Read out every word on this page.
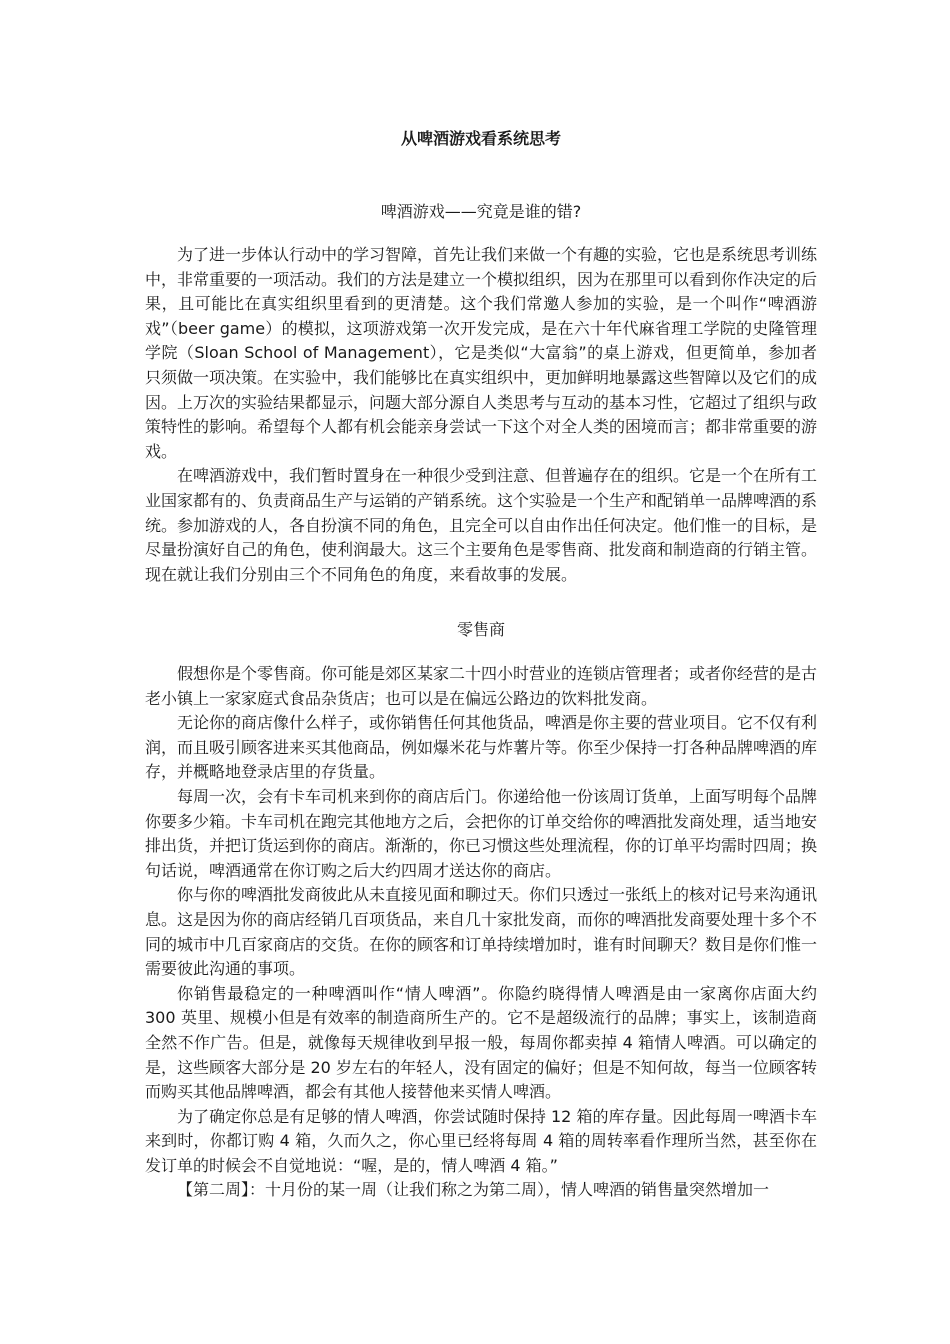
从啤酒游戏看系统思考
啤酒游戏——究竟是谁的错?

为了进一步体认行动中的学习智障，首先让我们来做一个有趣的实验，它也是系统思考训练中，非常重要的一项活动。我们的方法是建立一个模拟组织，因为在那里可以看到你作决定的后果，且可能比在真实组织里看到的更清楚。这个我们常邀人参加的实验，是一个叫作“啤酒游戏”（beer game）的模拟，这项游戏第一次开发完成，是在六十年代麻省理工学院的史隆管理学院（Sloan School of Management），它是类似“大富翁”的桌上游戏，但更简单，参加者只须做一项决策。在实验中，我们能够比在真实组织中，更加鲜明地暴露这些智障以及它们的成因。上万次的实验结果都显示，问题大部分源自人类思考与互动的基本习性，它超过了组织与政策特性的影响。希望每个人都有机会能亲身尝试一下这个对全人类的困境而言；都非常重要的游戏。

在啤酒游戏中，我们暂时置身在一种很少受到注意、但普遍存在的组织。它是一个在所有工业国家都有的、负责商品生产与运销的产销系统。这个实验是一个生产和配销单一品牌啤酒的系统。参加游戏的人，各自扮演不同的角色，且完全可以自由作出任何决定。他们惟一的目标，是尽量扮演好自己的角色，使利润最大。这三个主要角色是零售商、批发商和制造商的行销主管。现在就让我们分别由三个不同角色的角度，来看故事的发展。

零售商

假想你是个零售商。你可能是郊区某家二十四小时营业的连锁店管理者；或者你经营的是古老小镇上一家家庭式食品杂货店；也可以是在偏远公路边的饮料批发商。

无论你的商店像什么样子，或你销售任何其他货品，啤酒是你主要的营业项目。它不仅有利润，而且吸引顾客进来买其他商品，例如爆米花与炸薯片等。你至少保持一打各种品牌啤酒的库存，并概略地登录店里的存货量。

每周一次，会有卡车司机来到你的商店后门。你递给他一份该周订货单，上面写明每个品牌你要多少箱。卡车司机在跑完其他地方之后，会把你的订单交给你的啤酒批发商处理，适当地安排出货，并把订货运到你的商店。渐渐的，你已习惯这些处理流程，你的订单平均需时四周；换句话说，啤酒通常在你订购之后大约四周才送达你的商店。

你与你的啤酒批发商彼此从未直接见面和聊过天。你们只透过一张纸上的核对记号来沟通讯息。这是因为你的商店经销几百项货品，来自几十家批发商，而你的啤酒批发商要处理十多个不同的城市中几百家商店的交货。在你的顾客和订单持续增加时，谁有时间聊天？数目是你们惟一需要彼此沟通的事项。

你销售最稳定的一种啤酒叫作“情人啤酒”。你隐约晓得情人啤酒是由一家离你店面大约 300 英里、规模小但是有效率的制造商所生产的。它不是超级流行的品牌；事实上，该制造商全然不作广告。但是，就像每天规律收到早报一般，每周你都卖掉 4 箱情人啤酒。可以确定的是，这些顾客大部分是 20 岁左右的年轻人，没有固定的偏好；但是不知何故，每当一位顾客转而购买其他品牌啤酒，都会有其他人接替他来买情人啤酒。

为了确定你总是有足够的情人啤酒，你尝试随时保持 12 箱的库存量。因此每周一啤酒卡车来到时，你都订购 4 箱，久而久之，你心里已经将每周 4 箱的周转率看作理所当然，甚至你在发订单的时候会不自觉地说：“喔，是的，情人啤酒 4 箱。”

【第二周】：十月份的某一周（让我们称之为第二周），情人啤酒的销售量突然增加一
